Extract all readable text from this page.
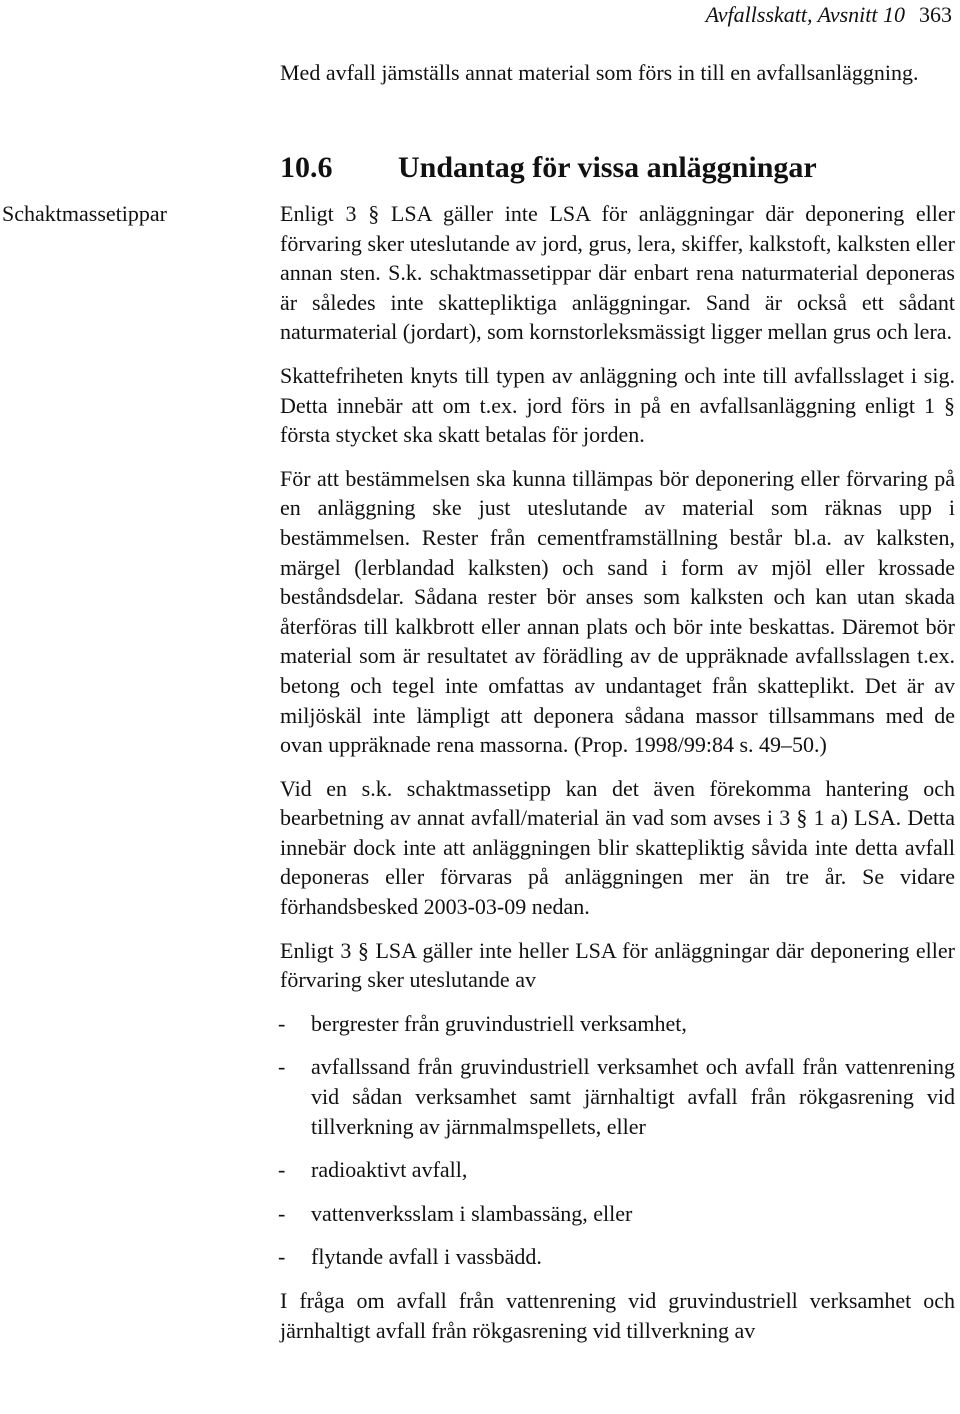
Avfallsskatt, Avsnitt 10 363

Med avfall jämställs annat material som förs in till en avfallsanläggning.

10.6 Undantag för vissa anläggningar
Schaktmassetippar	Enligt 3 § LSA gäller inte LSA för anläggningar där deponering eller förvaring sker uteslutande av jord, grus, lera, skiffer, kalkstoft, kalksten eller annan sten. S.k. schaktmassetippar där enbart rena naturmaterial deponeras är således inte skattepliktiga anläggningar. Sand är också ett sådant naturmaterial (jordart), som kornstorleksmässigt ligger mellan grus och lera.

Skattefriheten knyts till typen av anläggning och inte till avfallsslaget i sig. Detta innebär att om t.ex. jord förs in på en avfallsanläggning enligt 1 § första stycket ska skatt betalas för jorden.

För att bestämmelsen ska kunna tillämpas bör deponering eller förvaring på en anläggning ske just uteslutande av material som räknas upp i bestämmelsen. Rester från cementframställning består bl.a. av kalksten, märgel (lerblandad kalksten) och sand i form av mjöl eller krossade beståndsdelar. Sådana rester bör anses som kalksten och kan utan skada återföras till kalkbrott eller annan plats och bör inte beskattas. Däremot bör material som är resultatet av förädling av de uppräknade avfallsslagen t.ex. betong och tegel inte omfattas av undantaget från skatteplikt. Det är av miljöskäl inte lämpligt att deponera sådana massor tillsammans med de ovan uppräknade rena massorna. (Prop. 1998/99:84 s. 49–50.)

Vid en s.k. schaktmassetipp kan det även förekomma hantering och bearbetning av annat avfall/material än vad som avses i 3 § 1 a) LSA. Detta innebär dock inte att anläggningen blir skattepliktig såvida inte detta avfall deponeras eller förvaras på anläggningen mer än tre år. Se vidare förhandsbesked 2003-03-09 nedan.

Enligt 3 § LSA gäller inte heller LSA för anläggningar där deponering eller förvaring sker uteslutande av

- bergrester från gruvindustriell verksamhet,
- avfallssand från gruvindustriell verksamhet och avfall från vattenrening vid sådan verksamhet samt järnhaltigt avfall från rökgasrening vid tillverkning av järnmalmspellets, eller
- radioaktivt avfall,
- vattenverksslam i slambassäng, eller
- flytande avfall i vassbädd.

I fråga om avfall från vattenrening vid gruvindustriell verksamhet och järnhaltigt avfall från rökgasrening vid tillverkning av
